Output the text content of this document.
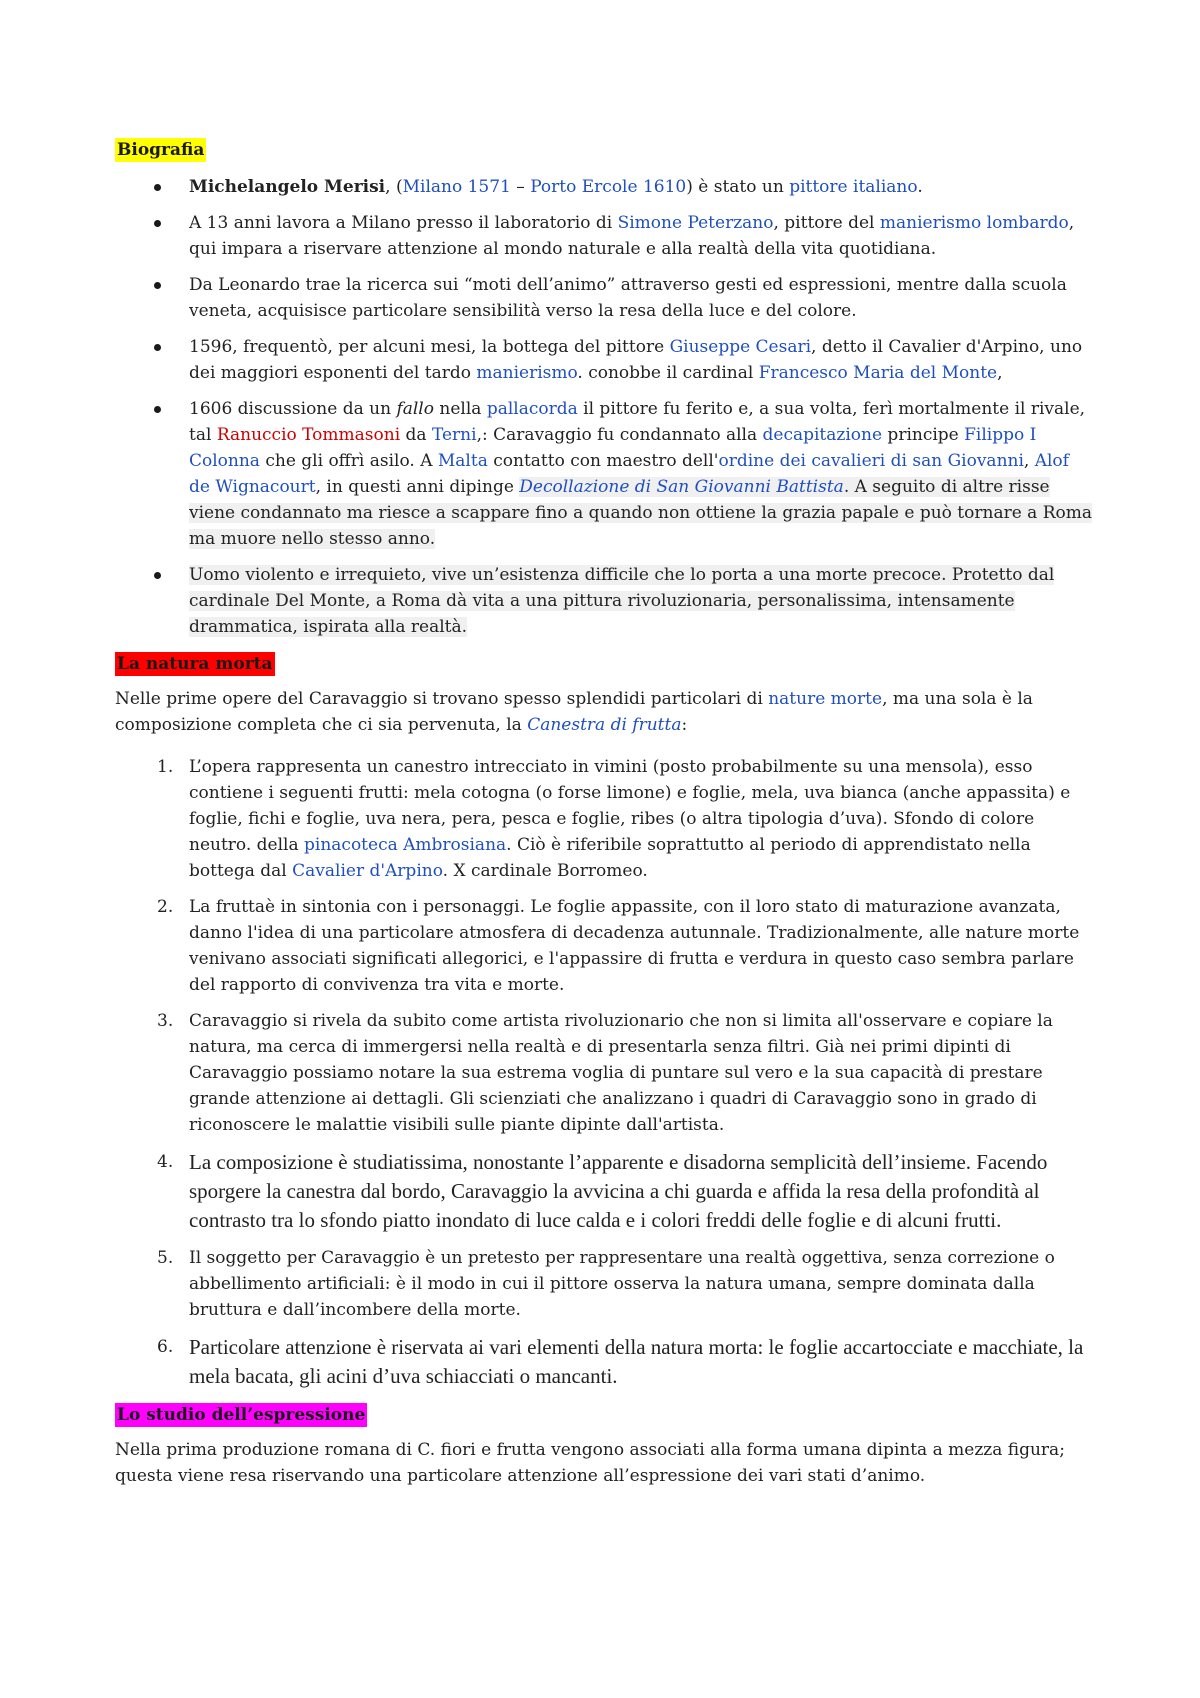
Biografia
Michelangelo Merisi, (Milano 1571 – Porto Ercole 1610) è stato un pittore italiano.
A 13 anni lavora a Milano presso il laboratorio di Simone Peterzano, pittore del manierismo lombardo, qui impara a riservare attenzione al mondo naturale e alla realtà della vita quotidiana.
Da Leonardo trae la ricerca sui “moti dell’animo” attraverso gesti ed espressioni, mentre dalla scuola veneta, acquisisce particolare sensibilità verso la resa della luce e del colore.
1596, frequentò, per alcuni mesi, la bottega del pittore Giuseppe Cesari, detto il Cavalier d'Arpino, uno dei maggiori esponenti del tardo manierismo. conobbe il cardinal Francesco Maria del Monte,
1606 discussione da un fallo nella pallacorda il pittore fu ferito e, a sua volta, ferì mortalmente il rivale, tal Ranuccio Tommasoni da Terni,: Caravaggio fu condannato alla decapitazione principe Filippo I Colonna che gli offrì asilo. A Malta contatto con maestro dell'ordine dei cavalieri di san Giovanni, Alof de Wignacourt, in questi anni dipinge Decollazione di San Giovanni Battista. A seguito di altre risse viene condannato ma riesce a scappare fino a quando non ottiene la grazia papale e può tornare a Roma ma muore nello stesso anno.
Uomo violento e irrequieto, vive un’esistenza difficile che lo porta a una morte precoce. Protetto dal cardinale Del Monte, a Roma dà vita a una pittura rivoluzionaria, personalissima, intensamente drammatica, ispirata alla realtà.
La natura morta

Nelle prime opere del Caravaggio si trovano spesso splendidi particolari di nature morte, ma una sola è la composizione completa che ci sia pervenuta, la Canestra di frutta:

1. L’opera rappresenta un canestro intrecciato in vimini (posto probabilmente su una mensola), esso contiene i seguenti frutti: mela cotogna (o forse limone) e foglie, mela, uva bianca (anche appassita) e foglie, fichi e foglie, uva nera, pera, pesca e foglie, ribes (o altra tipologia d’uva). Sfondo di colore neutro. della pinacoteca Ambrosiana. Ciò è riferibile soprattutto al periodo di apprendistato nella bottega dal Cavalier d'Arpino. X cardinale Borromeo.
2. La fruttaè in sintonia con i personaggi. Le foglie appassite, con il loro stato di maturazione avanzata, danno l'idea di una particolare atmosfera di decadenza autunnale. Tradizionalmente, alle nature morte venivano associati significati allegorici, e l'appassire di frutta e verdura in questo caso sembra parlare del rapporto di convivenza tra vita e morte.
3. Caravaggio si rivela da subito come artista rivoluzionario che non si limita all'osservare e copiare la natura, ma cerca di immergersi nella realtà e di presentarla senza filtri. Già nei primi dipinti di Caravaggio possiamo notare la sua estrema voglia di puntare sul vero e la sua capacità di prestare grande attenzione ai dettagli. Gli scienziati che analizzano i quadri di Caravaggio sono in grado di riconoscere le malattie visibili sulle piante dipinte dall'artista.
4. La composizione è studiatissima, nonostante l’apparente e disadorna semplicità dell’insieme. Facendo sporgere la canestra dal bordo, Caravaggio la avvicina a chi guarda e affida la resa della profondità al contrasto tra lo sfondo piatto inondato di luce calda e i colori freddi delle foglie e di alcuni frutti.
5. Il soggetto per Caravaggio è un pretesto per rappresentare una realtà oggettiva, senza correzione o abbellimento artificiali: è il modo in cui il pittore osserva la natura umana, sempre dominata dalla bruttura e dall’incombere della morte.
6. Particolare attenzione è riservata ai vari elementi della natura morta: le foglie accartocciate e macchiate, la mela bacata, gli acini d’uva schiacciati o mancanti.
Lo studio dell’espressione

Nella prima produzione romana di C. fiori e frutta vengono associati alla forma umana dipinta a mezza figura; questa viene resa riservando una particolare attenzione all’espressione dei vari stati d’animo.
